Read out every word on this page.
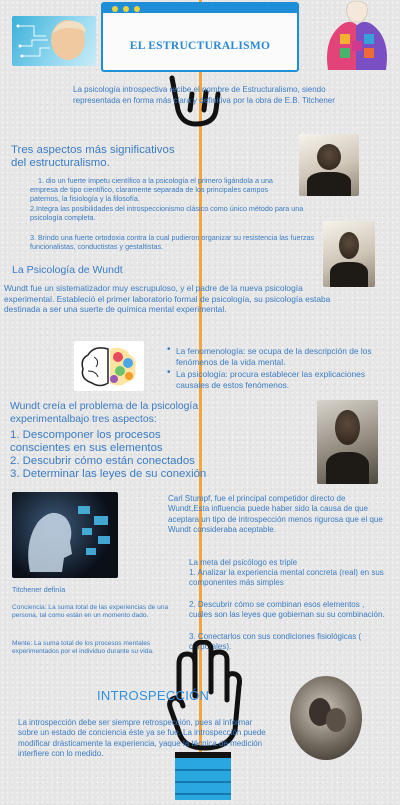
EL ESTRUCTURALISMO
La psicología introspectiva recibe el nombre de Estructuralismo, siendo representada en forma más clara y definitiva por la obra de E.B. Titchener
Tres aspectos más significativos del estructuralismo.
1. dio un fuerte ímpetu científico a la psicología el primero ligándola a una empresa de tipo científico, claramente separada de los principales campos paternos, la fisiología y la filosofía.
2.Integra las posibilidades del introspeccionismo clásico como único método para una psicología completa.
3. Brindo una fuerte ortodoxia contra la cual pudieron organizar su resistencia las fuerzas funcionalistas, conductistas y gestaltistas.
La Psicología de Wundt
Wundt fue un sistematizador muy escrupuloso, y el padre de la nueva psicología experimental. Estableció el primer laboratorio formal de psicología, su psicología estaba destinada a ser una suerte de química mental experimental.
• La fenomenología: se ocupa de la descripción de los fenómenos de la vida mental.
• La psicología: procura establecer las explicaciones causales de estos fenómenos.
Wundt creía el problema de la psicología experimentalbajo tres aspectos:
1. Descomponer los procesos conscientes en sus elementos
2. Descubrir cómo están conectados
3. Determinar las leyes de su conexión
Carl Stumpf, fue el principal competidor directo de Wundt,Esta influencia puede haber sido la causa de que aceptara un tipo de introspección menos rigurosa que el que Wundt consideraba aceptable.
Titchener definía
Conciencia: La suma total de las experiencias de una persona, tal como están en un momento dado.
Mente: La suma total de los procesos mentales experimentados por el individuo durante su vida.
La meta del psicólogo es triple
1. Analizar la experiencia mental concreta (real) en sus componentes más simples
2. Descubrir cómo se combinan esos elementos , cuáles son las leyes que gobiernan su su combinación.
3. Conectarlos con sus condiciones fisiológicas ( corporales).
INTROSPECCIÓN
La introspección debe ser siempre retrospección, pues al informar sobre un estado de conciencia éste ya se fue. La introspección puede modificar drásticamente la experiencia, yaque la técnica de medición interfiere con lo medido.
